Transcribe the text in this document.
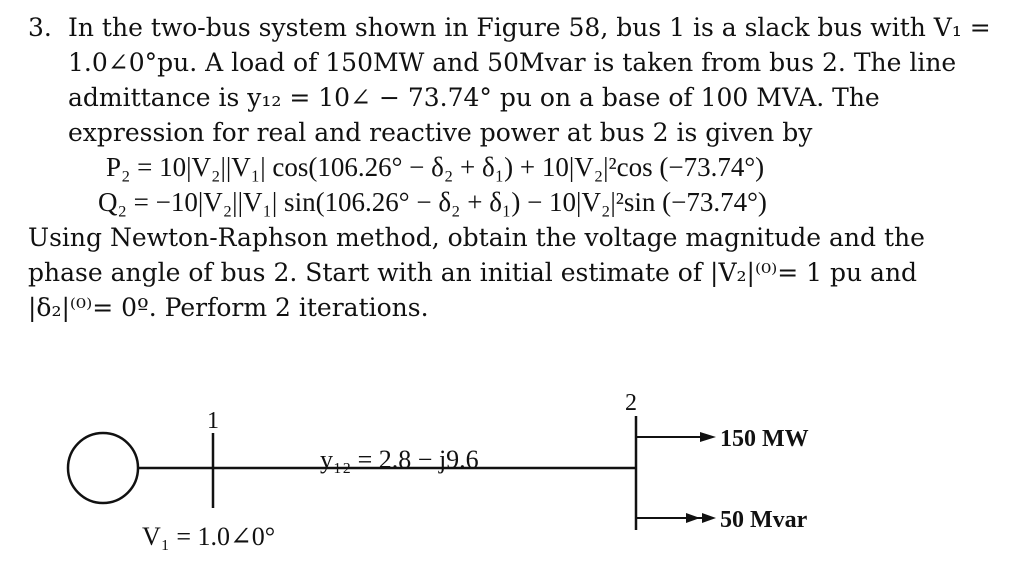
3. In the two-bus system shown in Figure 58, bus 1 is a slack bus with V₁ =
1.0∠0°pu. A load of 150MW and 50Mvar is taken from bus 2. The line
admittance is y₁₂ = 10∠ − 73.74° pu on a base of 100 MVA. The
expression for real and reactive power at bus 2 is given by
P₂ = 10|V₂||V₁| cos(106.26° − δ₂ + δ₁) + 10|V₂|²cos (−73.74°)
Q₂ = −10|V₂||V₁| sin(106.26° − δ₂ + δ₁) − 10|V₂|²sin (−73.74°)
Using Newton-Raphson method, obtain the voltage magnitude and the
phase angle of bus 2. Start with an initial estimate of |V₂|⁽⁰⁾= 1 pu and
|δ₂|⁽⁰⁾= 0º. Perform 2 iterations.
1
2
y₁₂ = 2.8 − j9.6
V₁ = 1.0∠0°
150 MW
50 Mvar
